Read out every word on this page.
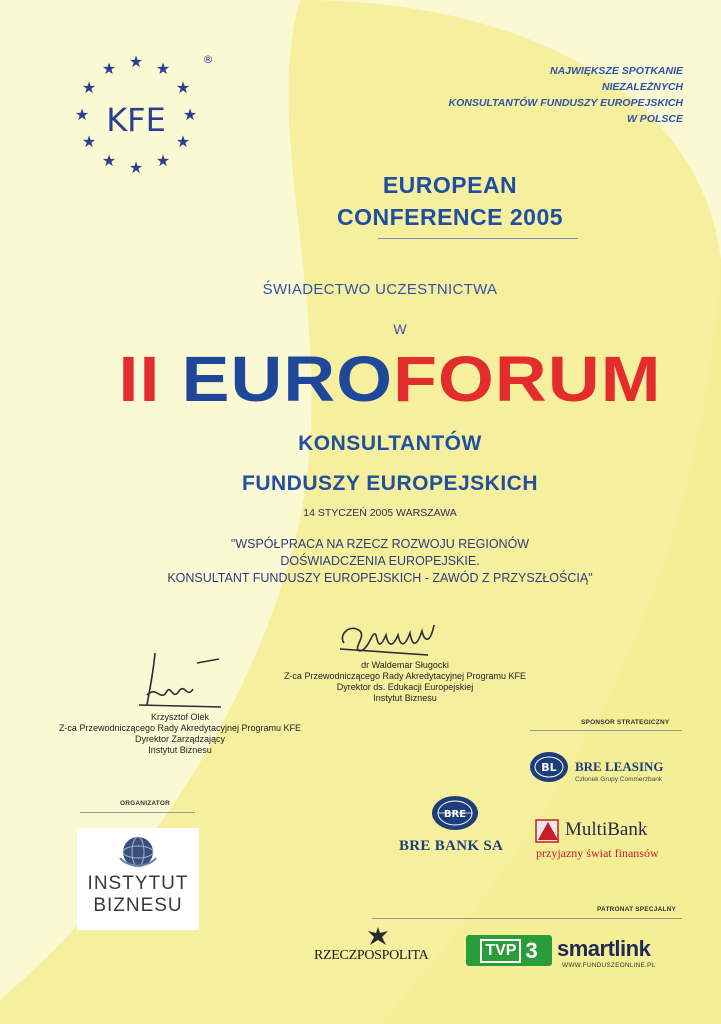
★ ★
★
★
★
★
★
★
★
★
★
★
KFE
®
NAJWIĘKSZE SPOTKANIE
NIEZALEŻNYCH
KONSULTANTÓW FUNDUSZY EUROPEJSKICH
W POLSCE
EUROPEAN
CONFERENCE 2005
ŚWIADECTWO UCZESTNICTWA
W
II EUROFORUM
KONSULTANTÓW
FUNDUSZY EUROPEJSKICH
14 STYCZEŃ 2005 WARSZAWA
"WSPÓŁPRACA NA RZECZ ROZWOJU REGIONÓW
DOŚWIADCZENIA EUROPEJSKIE.
KONSULTANT FUNDUSZY EUROPEJSKICH - ZAWÓD Z PRZYSZŁOŚCIĄ"
dr Waldemar Sługocki
Z-ca Przewodniczącego Rady Akredytacyjnej Programu KFE
Dyrektor ds. Edukacji Europejskiej
Instytut Biznesu
Krzysztof Olek
Z-ca Przewodniczącego Rady Akredytacyjnej Programu KFE
Dyrektor Zarządzający
Instytut Biznesu
ORGANIZATOR
INSTYTUT
BIZNESU
SPONSOR STRATEGICZNY
BL BRE LEASING
Członek Grupy Commerzbank
BRE
BRE BANK SA
MultiBank
przyjazny świat finansów
PATRONAT SPECJALNY
RZECZPOSPOLITA	TVP 3 smartlink
WWW.FUNDUSZEONLINE.PL
